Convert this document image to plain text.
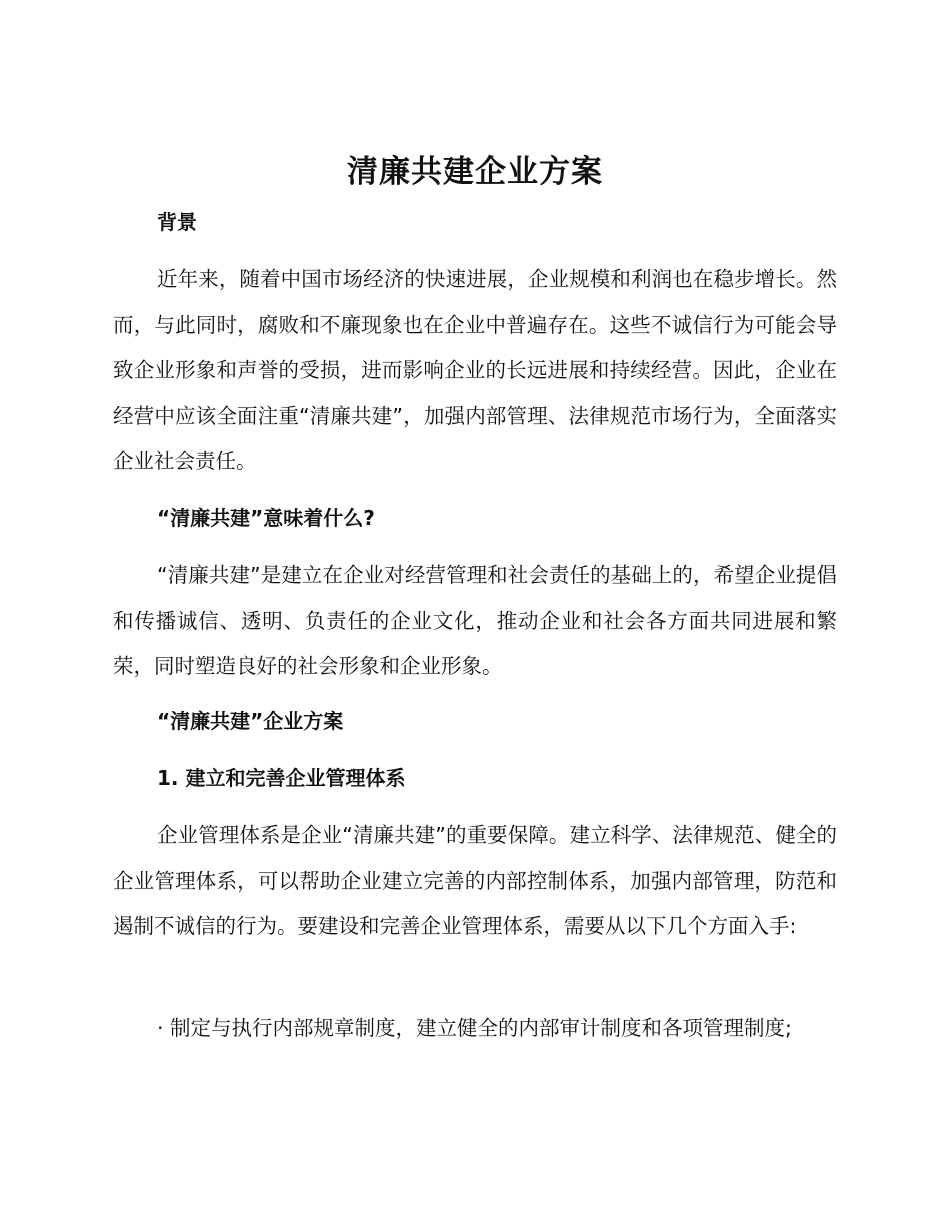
清廉共建企业方案
背景

近年来，随着中国市场经济的快速进展，企业规模和利润也在稳步增长。然而，与此同时，腐败和不廉现象也在企业中普遍存在。这些不诚信行为可能会导致企业形象和声誉的受损，进而影响企业的长远进展和持续经营。因此，企业在经营中应该全面注重“清廉共建”，加强内部管理、法律规范市场行为，全面落实企业社会责任。

“清廉共建”意味着什么?

“清廉共建”是建立在企业对经营管理和社会责任的基础上的，希望企业提倡和传播诚信、透明、负责任的企业文化，推动企业和社会各方面共同进展和繁荣，同时塑造良好的社会形象和企业形象。

“清廉共建”企业方案
1. 建立和完善企业管理体系

企业管理体系是企业“清廉共建”的重要保障。建立科学、法律规范、健全的企业管理体系，可以帮助企业建立完善的内部控制体系，加强内部管理，防范和遏制不诚信的行为。要建设和完善企业管理体系，需要从以下几个方面入手:

· 制定与执行内部规章制度，建立健全的内部审计制度和各项管理制度;
